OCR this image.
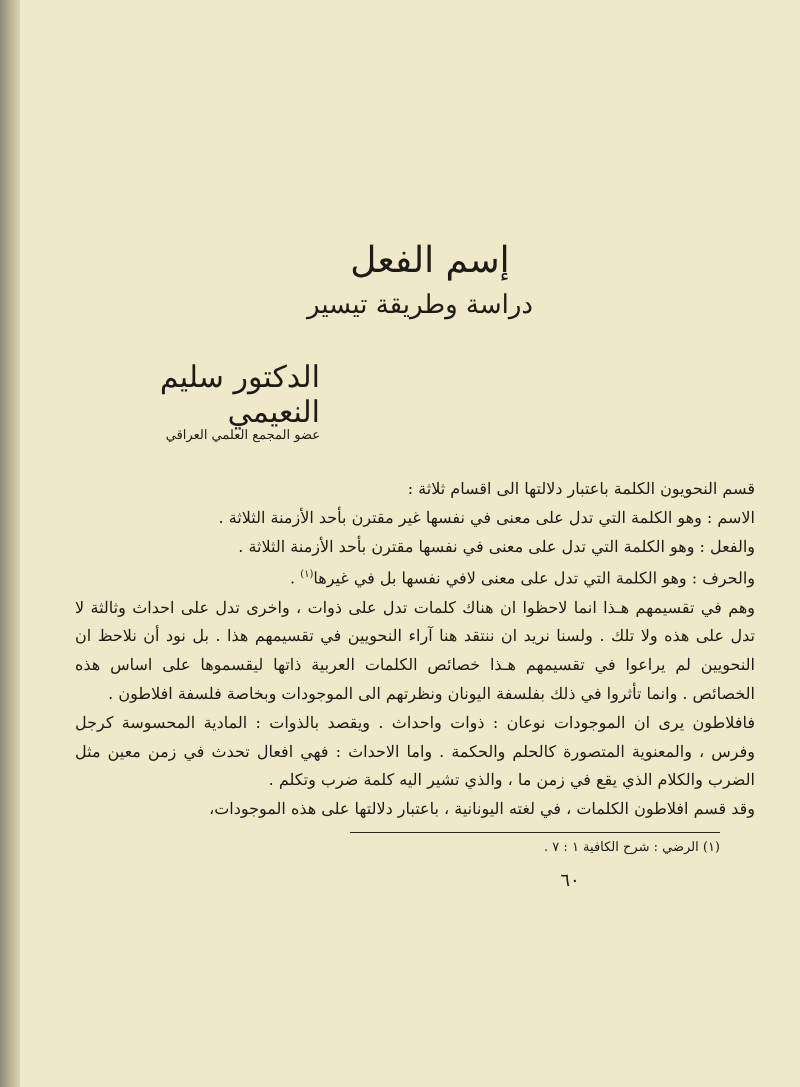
إسم الفعل
دراسة وطريقة تيسير
الدكتور سليم النعيمي
عضو المجمع العلمي العراقي

قسم النحويون الكلمة باعتبار دلالتها الى اقسام ثلاثة :

الاسم : وهو الكلمة التي تدل على معنى في نفسها غير مقترن بأحد الأزمنة الثلاثة .

والفعل : وهو الكلمة التي تدل على معنى في نفسها مقترن بأحد الأزمنة الثلاثة .

والحرف : وهو الكلمة التي تدل على معنى لافي نفسها بل في غيرها$^{(١)}$ .

وهم في تقسيمهم هـذا انما لاحظوا ان هناك كلمات تدل على ذوات ، واخرى تدل على احداث وثالثة لا تدل على هذه ولا تلك . ولسنا نريد ان ننتقد هنا آراء النحويين في تقسيمهم هذا . بل نود أن نلاحظ ان النحويين لم يراعوا في تقسيمهم هـذا خصائص الكلمات العربية ذاتها ليقسموها على اساس هذه الخصائص . وانما تأثروا في ذلك بفلسفة اليونان ونظرتهم الى الموجودات وبخاصة فلسفة افلاطون .

فافلاطون يرى ان الموجودات نوعان : ذوات واحداث . ويقصد بالذوات : المادية المحسوسة كرجل وفرس ، والمعنوية المتصورة كالحلم والحكمة . واما الاحداث : فهي افعال تحدث في زمن معين مثل الضرب والكلام الذي يقع في زمن ما ، والذي تشير اليه كلمة ضرب وتكلم .

وقد قسم افلاطون الكلمات ، في لغته اليونانية ، باعتبار دلالتها على هذه الموجودات،

(١) الرضي : شرح الكافية ١ : ٧ .
٦٠
